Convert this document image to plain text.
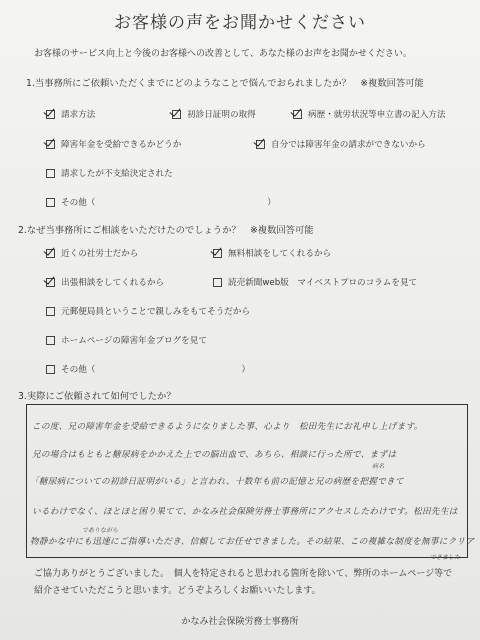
お客様の声をお聞かせください
お客様のサービス向上と今後のお客様への改善として、あなた様のお声をお聞かせください。
1.当事務所にご依頼いただくまでにどのようなことで悩んでおられましたか？　※複数回答可能
請求方法	初診日証明の取得	病歴・就労状況等申立書の記入方法
障害年金を受給できるかどうか	自分では障害年金の請求ができないから
請求したが不支給決定された
その他（　　　　　　　　　　　　　　　　　　　　）
2.なぜ当事務所にご相談をいただけたのでしょうか？　※複数回答可能
近くの社労士だから	無料相談をしてくれるから
出張相談をしてくれるから	読売新聞web版　マイベストプロのコラムを見て
元郵便局員ということで親しみをもてそうだから
ホームページの障害年金ブログを見て
その他（　　　　　　　　　　　　　　　　　）
3.実際にご依頼されて如何でしたか？
この度、兄の障害年金を受給できるようになりました事、心より　松田先生にお礼申し上げます。
兄の場合はもともと糖尿病をかかえた上での脳出血で、あちら、相談に行った所で、まずは
病名
「糖尿病についての初診日証明がいる」と言われ、十数年も前の記憶と兄の病歴を把握できて
いるわけでなく、ほとほと困り果てて、かなみ社会保険労務士事務所にアクセスしたわけです。松田先生は
でありながら
物静かな中にも迅速にご指導いただき、信頼してお任せできました。その結果、この複雑な制度を無事にクリア
できました
ご協力ありがとうございました。　個人を特定されると思われる箇所を除いて、弊所のホームページ等で紹介させていただこうと思います。どうぞよろしくお願いいたします。
かなみ社会保険労務士事務所
